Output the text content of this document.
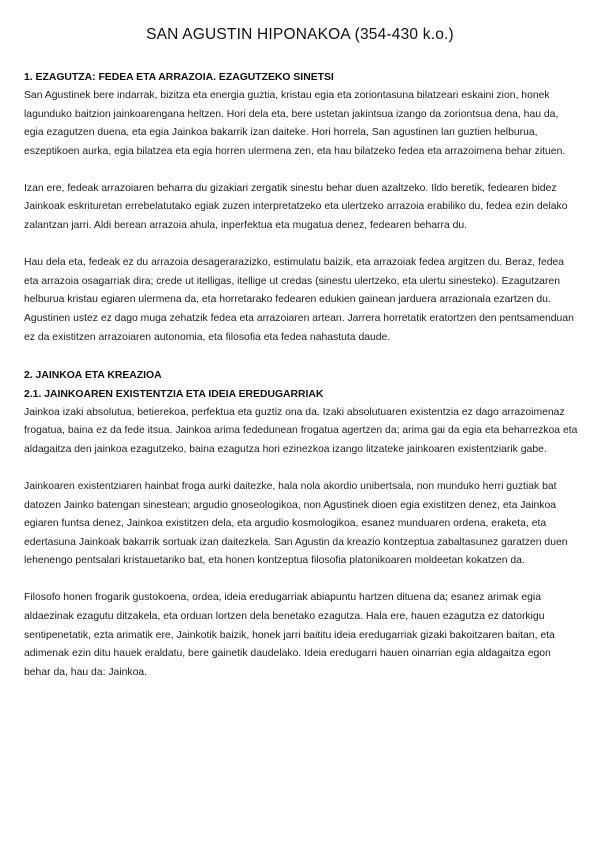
SAN AGUSTIN HIPONAKOA (354-430 k.o.)
1. EZAGUTZA: FEDEA ETA ARRAZOIA. EZAGUTZEKO SINETSI

San Agustinek bere indarrak, bizitza eta energia guztia, kristau egia eta zoriontasuna bilatzeari eskaini zion, honek lagunduko baitzion jainkoarengana heltzen. Hori dela eta, bere ustetan jakintsua izango da zoriontsua dena, hau da, egia ezagutzen duena, eta egia Jainkoa bakarrik izan daiteke. Hori horrela, San agustinen lan guztien helburua, eszeptikoen aurka, egia bilatzea eta egia horren ulermena zen, eta hau bilatzeko fedea eta arrazoimena behar zituen.

Izan ere, fedeak arrazoiaren beharra du gizakiari zergatik sinestu behar duen azaltzeko. Ildo beretik, fedearen bidez Jainkoak eskrituretan errebelatutako egiak zuzen interpretatzeko eta ulertzeko arrazoia erabiliko du, fedea ezin delako zalantzan jarri. Aldi berean arrazoia ahula, inperfektua eta mugatua denez, fedearen beharra du.

Hau dela eta, fedeak ez du arrazoia desagerarazizko, estimulatu baizik, eta arrazoiak fedea argitzen du. Beraz, fedea eta arrazoia osagarriak dira; crede ut itelligas, itellige ut credas (sinestu ulertzeko, eta ulertu sinesteko). Ezagutzaren helburua kristau egiaren ulermena da, eta horretarako fedearen edukien gainean jarduera arrazionala ezartzen du. Agustinen ustez ez dago muga zehatzik fedea eta arrazoiaren artean. Jarrera horretatik eratortzen den pentsamenduan ez da existitzen arrazoiaren autonomia, eta filosofia eta fedea nahastuta daude.

2. JAINKOA ETA KREAZIOA
2.1. JAINKOAREN EXISTENTZIA ETA IDEIA EREDUGARRIAK

Jainkoa izaki absolutua, betierekoa, perfektua eta guztiz ona da. Izaki absolutuaren existentzia ez dago arrazoimenaz frogatua, baina ez da fede itsua. Jainkoa arima fededunean frogatua agertzen da; arima gai da egia eta beharrezkoa eta aldagaitza den jainkoa ezagutzeko, baina ezagutza hori ezinezkoa izango litzateke jainkoaren existentziarik gabe.

Jainkoaren existentziaren hainbat froga aurki daitezke, hala nola akordio unibertsala, non munduko herri guztiak bat datozen Jainko batengan sinestean; argudio gnoseologikoa, non Agustinek dioen egia existitzen denez, eta Jainkoa egiaren funtsa denez, Jainkoa existitzen dela, eta argudio kosmologikoa, esanez munduaren ordena, eraketa, eta edertasuna Jainkoak bakarrik sortuak izan daitezkela. San Agustin da kreazio kontzeptua zabaltasunez garatzen duen lehenengo pentsalari kristauetariko bat, eta honen kontzeptua filosofia platonikoaren moldeetan kokatzen da.

Filosofo honen frogarik gustokoena, ordea, ideia eredugarriak abiapuntu hartzen dituena da; esanez arimak egia aldaezinak ezagutu ditzakela, eta orduan lortzen dela benetako ezagutza. Hala ere, hauen ezagutza ez datorkigu sentipenetatik, ezta arimatik ere, Jainkotik baizik, honek jarri baititu ideia eredugarriak gizaki bakoitzaren baitan, eta adimenak ezin ditu hauek eraldatu, bere gainetik daudelako. Ideia eredugarri hauen oinarrian egia aldagaitza egon behar da, hau da: Jainkoa.
